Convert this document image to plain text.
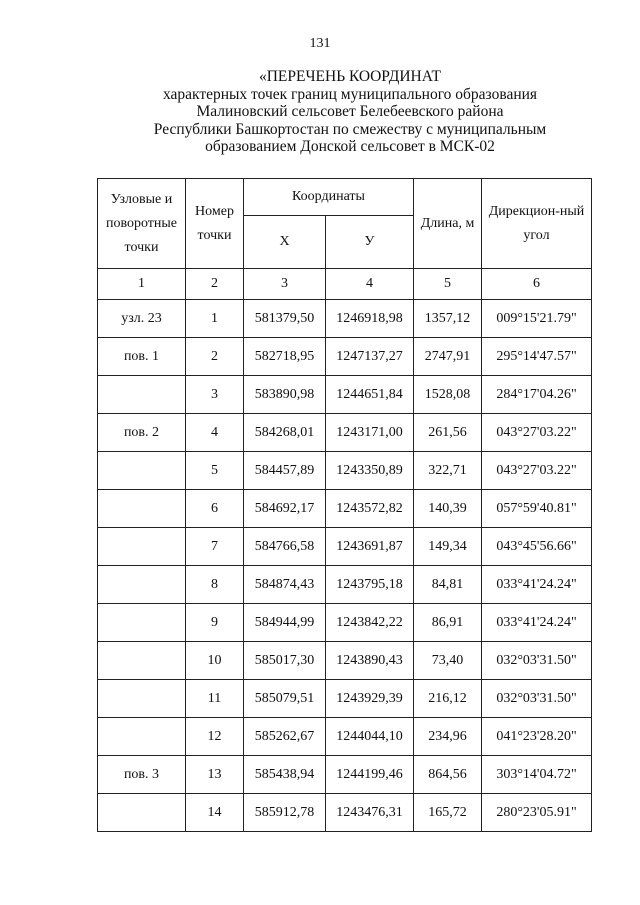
131
«ПЕРЕЧЕНЬ КООРДИНАТ
характерных точек границ муниципального образования
Малиновский сельсовет Белебеевского района
Республики Башкортостан по смежеству с муниципальным
образованием Донской сельсовет в МСК-02
Узловые и поворотные точки	Номер точки	Координаты		Длина, м	Дирекцион-ный угол
		Х	У		
1	2	3	4	5	6
узл. 23	1	581379,50	1246918,98	1357,12	009°15'21.79"
пов. 1	2	582718,95	1247137,27	2747,91	295°14'47.57"
	3	583890,98	1244651,84	1528,08	284°17'04.26"
пов. 2	4	584268,01	1243171,00	261,56	043°27'03.22"
	5	584457,89	1243350,89	322,71	043°27'03.22"
	6	584692,17	1243572,82	140,39	057°59'40.81"
	7	584766,58	1243691,87	149,34	043°45'56.66"
	8	584874,43	1243795,18	84,81	033°41'24.24"
	9	584944,99	1243842,22	86,91	033°41'24.24"
	10	585017,30	1243890,43	73,40	032°03'31.50"
	11	585079,51	1243929,39	216,12	032°03'31.50"
	12	585262,67	1244044,10	234,96	041°23'28.20"
пов. 3	13	585438,94	1244199,46	864,56	303°14'04.72"
	14	585912,78	1243476,31	165,72	280°23'05.91"
